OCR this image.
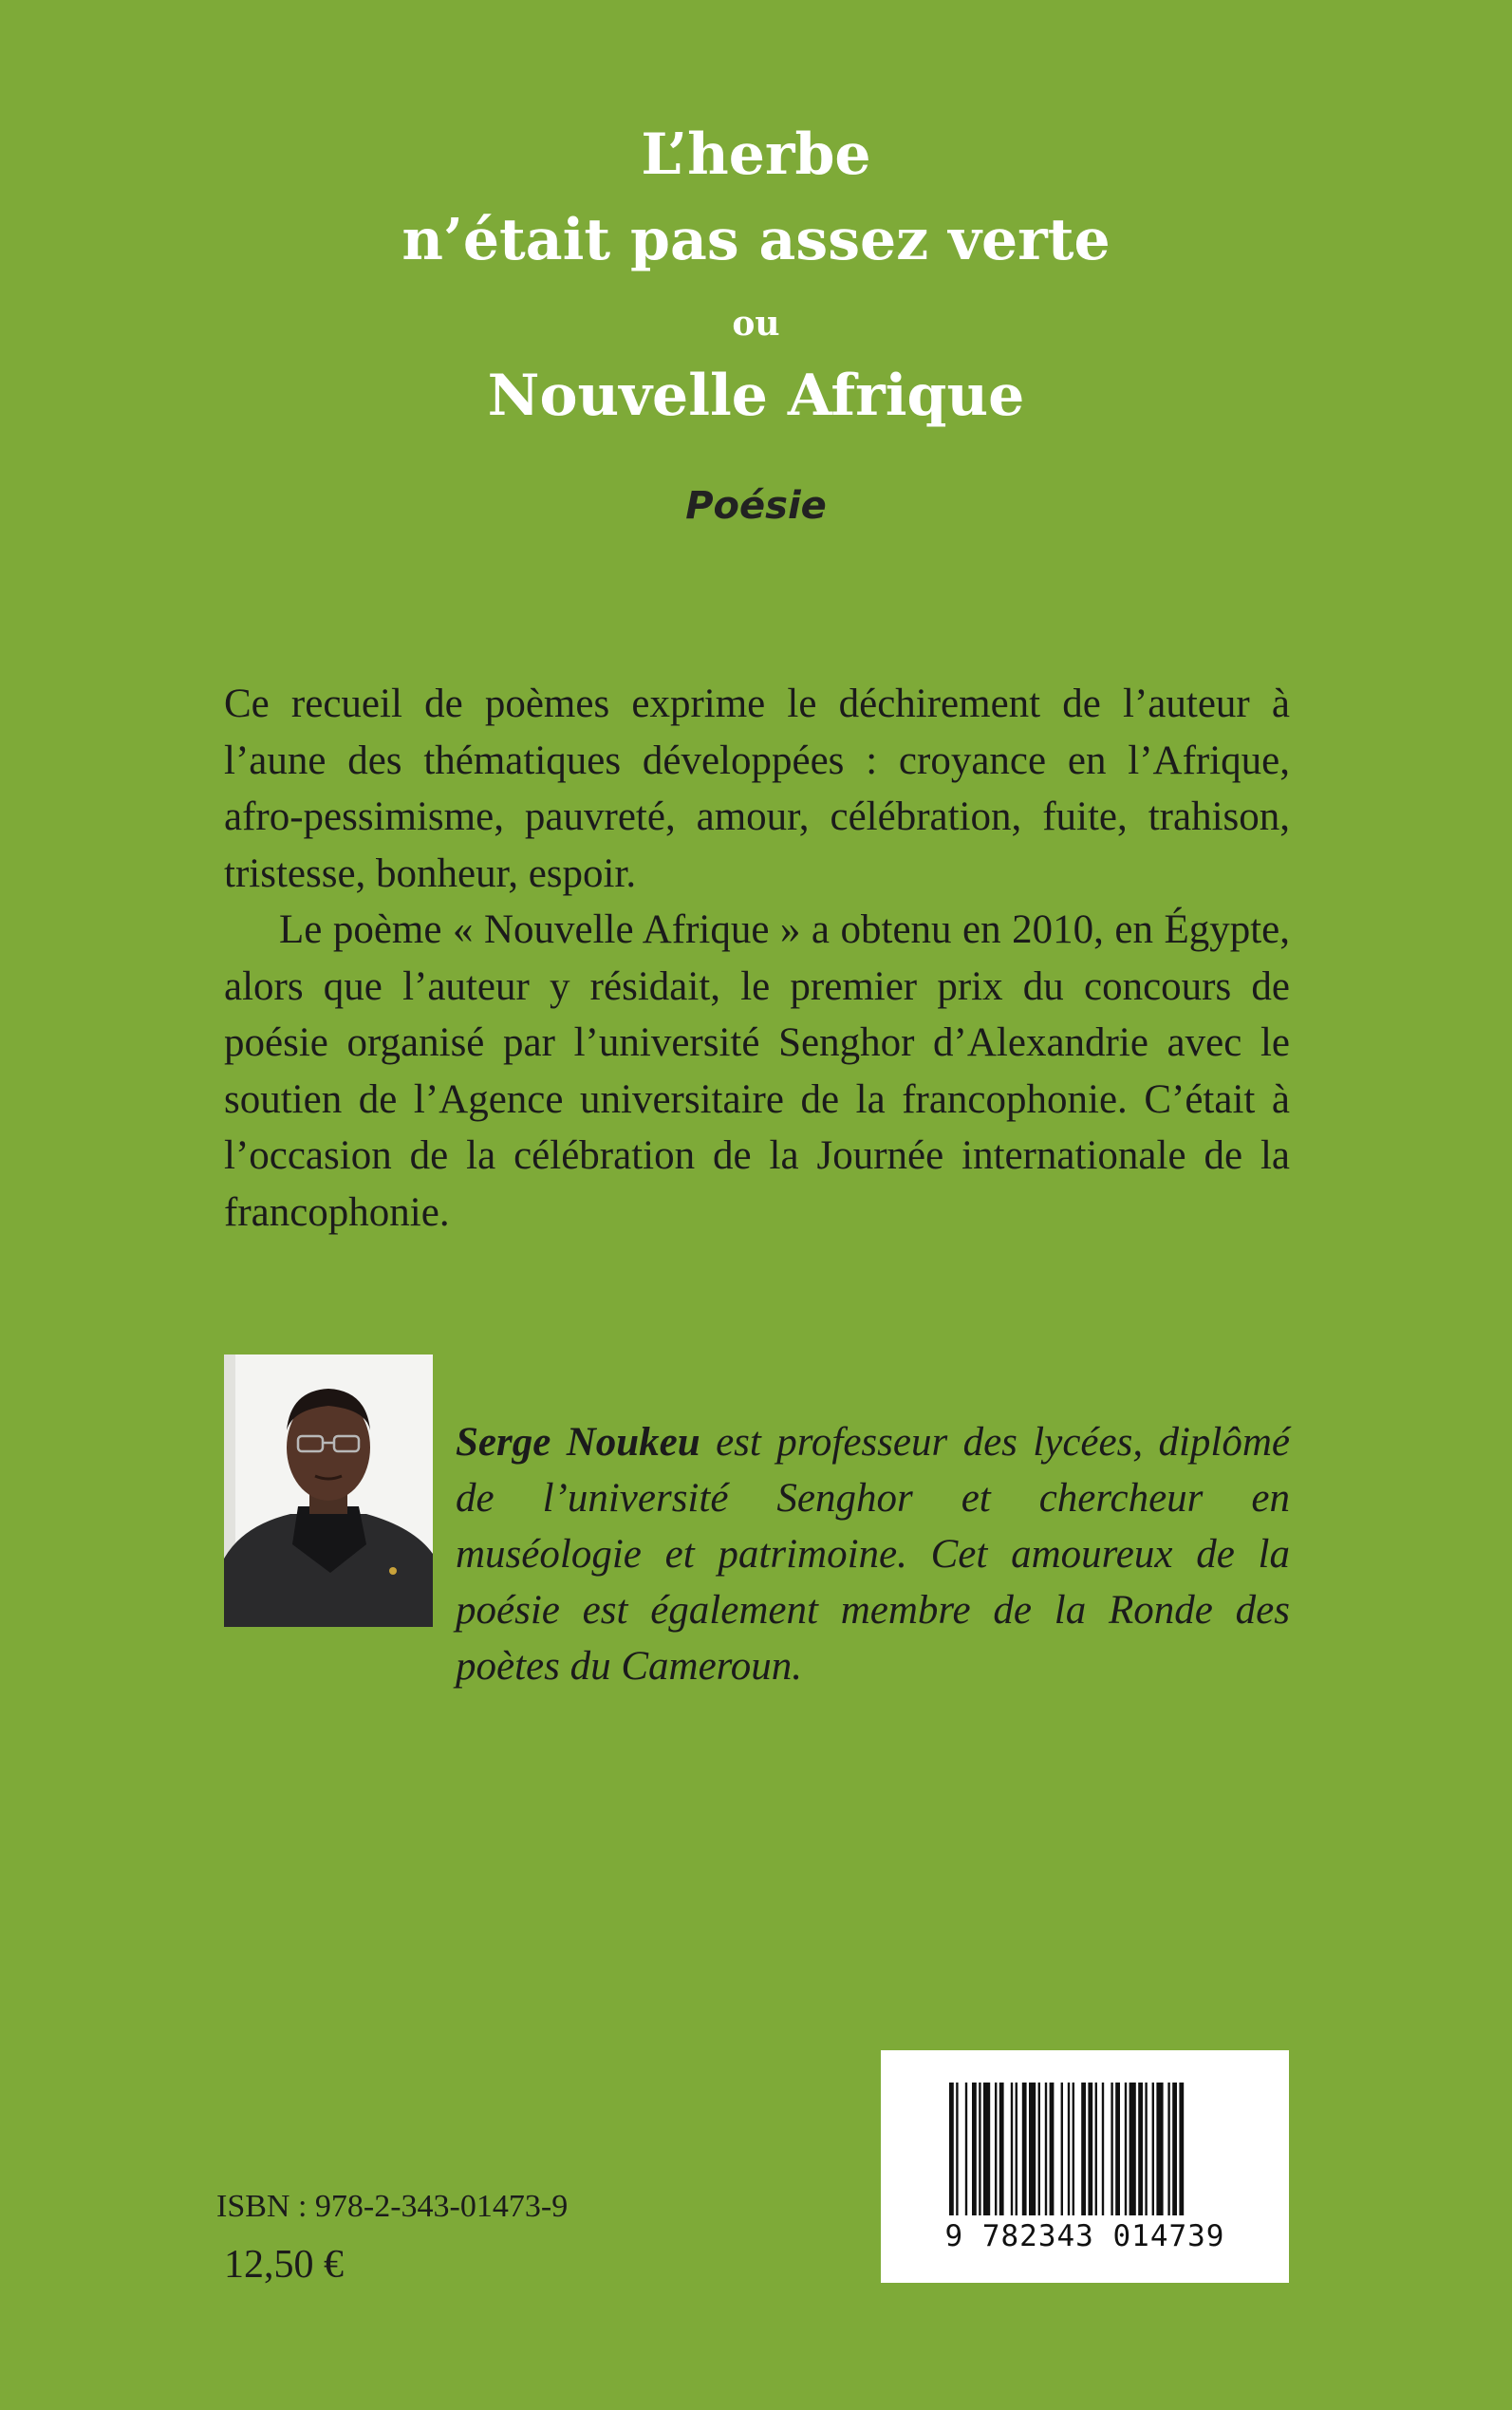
L’herbe
n’était pas assez verte
ou
Nouvelle Afrique
Poésie

Ce recueil de poèmes exprime le déchirement de l’auteur à l’aune des thématiques développées : croyance en l’Afrique, afro-pessimisme, pauvreté, amour, célébration, fuite, trahison, tristesse, bonheur, espoir.

Le poème « Nouvelle Afrique » a obtenu en 2010, en Égypte, alors que l’auteur y résidait, le premier prix du concours de poésie organisé par l’université Senghor d’Alexandrie avec le soutien de l’Agence universitaire de la francophonie. C’était à l’occasion de la célébration de la Journée internationale de la francophonie.

Serge Noukeu est professeur des lycées, diplômé de l’université Senghor et chercheur en muséologie et patrimoine. Cet amoureux de la poésie est également membre de la Ronde des poètes du Cameroun.

ISBN : 978-2-343-01473-9
12,50 €
9 782343 014739
